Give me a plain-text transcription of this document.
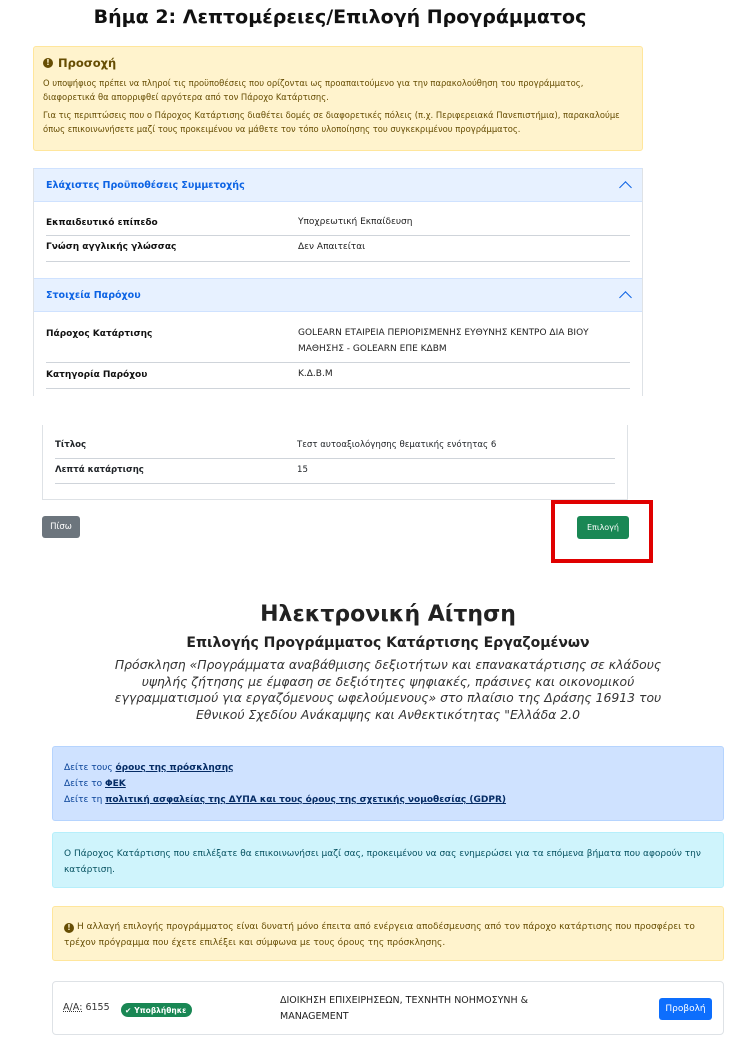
Βήμα 2: Λεπτομέρειες/Επιλογή Προγράμματος
! Προσοχή

Ο υποψήφιος πρέπει να πληροί τις προϋποθέσεις που ορίζονται ως προαπαιτούμενο για την παρακολούθηση του προγράμματος, διαφορετικά θα απορριφθεί αργότερα από τον Πάροχο Κατάρτισης.

Για τις περιπτώσεις που ο Πάροχος Κατάρτισης διαθέτει δομές σε διαφορετικές πόλεις (π.χ. Περιφερειακά Πανεπιστήμια), παρακαλούμε όπως επικοινωνήσετε μαζί τους προκειμένου να μάθετε τον τόπο υλοποίησης του συγκεκριμένου προγράμματος.

Ελάχιστες Προϋποθέσεις Συμμετοχής
Εκπαιδευτικό επίπεδο	Υποχρεωτική Εκπαίδευση
Γνώση αγγλικής γλώσσας	Δεν Απαιτείται
Στοιχεία Παρόχου
Πάροχος Κατάρτισης	GOLEARN ΕΤΑΙΡΕΙΑ ΠΕΡΙΟΡΙΣΜΕΝΗΣ ΕΥΘΥΝΗΣ ΚΕΝΤΡΟ ΔΙΑ ΒΙΟΥ ΜΑΘΗΣΗΣ - GOLEARN ΕΠΕ ΚΔΒΜ
Κατηγορία Παρόχου	Κ.Δ.Β.Μ
Τίτλος	Τεστ αυτοαξιολόγησης θεματικής ενότητας 6
Λεπτά κατάρτισης	15
Πίσω	Επιλογή
Ηλεκτρονική Αίτηση
Επιλογής Προγράμματος Κατάρτισης Εργαζομένων
Πρόσκληση «Προγράμματα αναβάθμισης δεξιοτήτων και επανακατάρτισης σε κλάδους υψηλής ζήτησης με έμφαση σε δεξιότητες ψηφιακές, πράσινες και οικονομικού εγγραμματισμού για εργαζόμενους ωφελούμενους» στο πλαίσιο της Δράσης 16913 του Εθνικού Σχεδίου Ανάκαμψης και Ανθεκτικότητας "Ελλάδα 2.0
Δείτε τους όρους της πρόσκλησης
Δείτε το ΦΕΚ
Δείτε τη πολιτική ασφαλείας της ΔΥΠΑ και τους όρους της σχετικής νομοθεσίας (GDPR)
Ο Πάροχος Κατάρτισης που επιλέξατε θα επικοινωνήσει μαζί σας, προκειμένου να σας ενημερώσει για τα επόμενα βήματα που αφορούν την κατάρτιση.
! Η αλλαγή επιλογής προγράμματος είναι δυνατή μόνο έπειτα από ενέργεια αποδέσμευσης από τον πάροχο κατάρτισης που προσφέρει το τρέχον πρόγραμμα που έχετε επιλέξει και σύμφωνα με τους όρους της πρόσκλησης.
Α/Α: 6155 ✔ Υποβλήθηκε
ΔΙΟΙΚΗΣΗ ΕΠΙΧΕΙΡΗΣΕΩΝ, ΤΕΧΝΗΤΗ ΝΟΗΜΟΣΥΝΗ & MANAGEMENT
Προβολή
